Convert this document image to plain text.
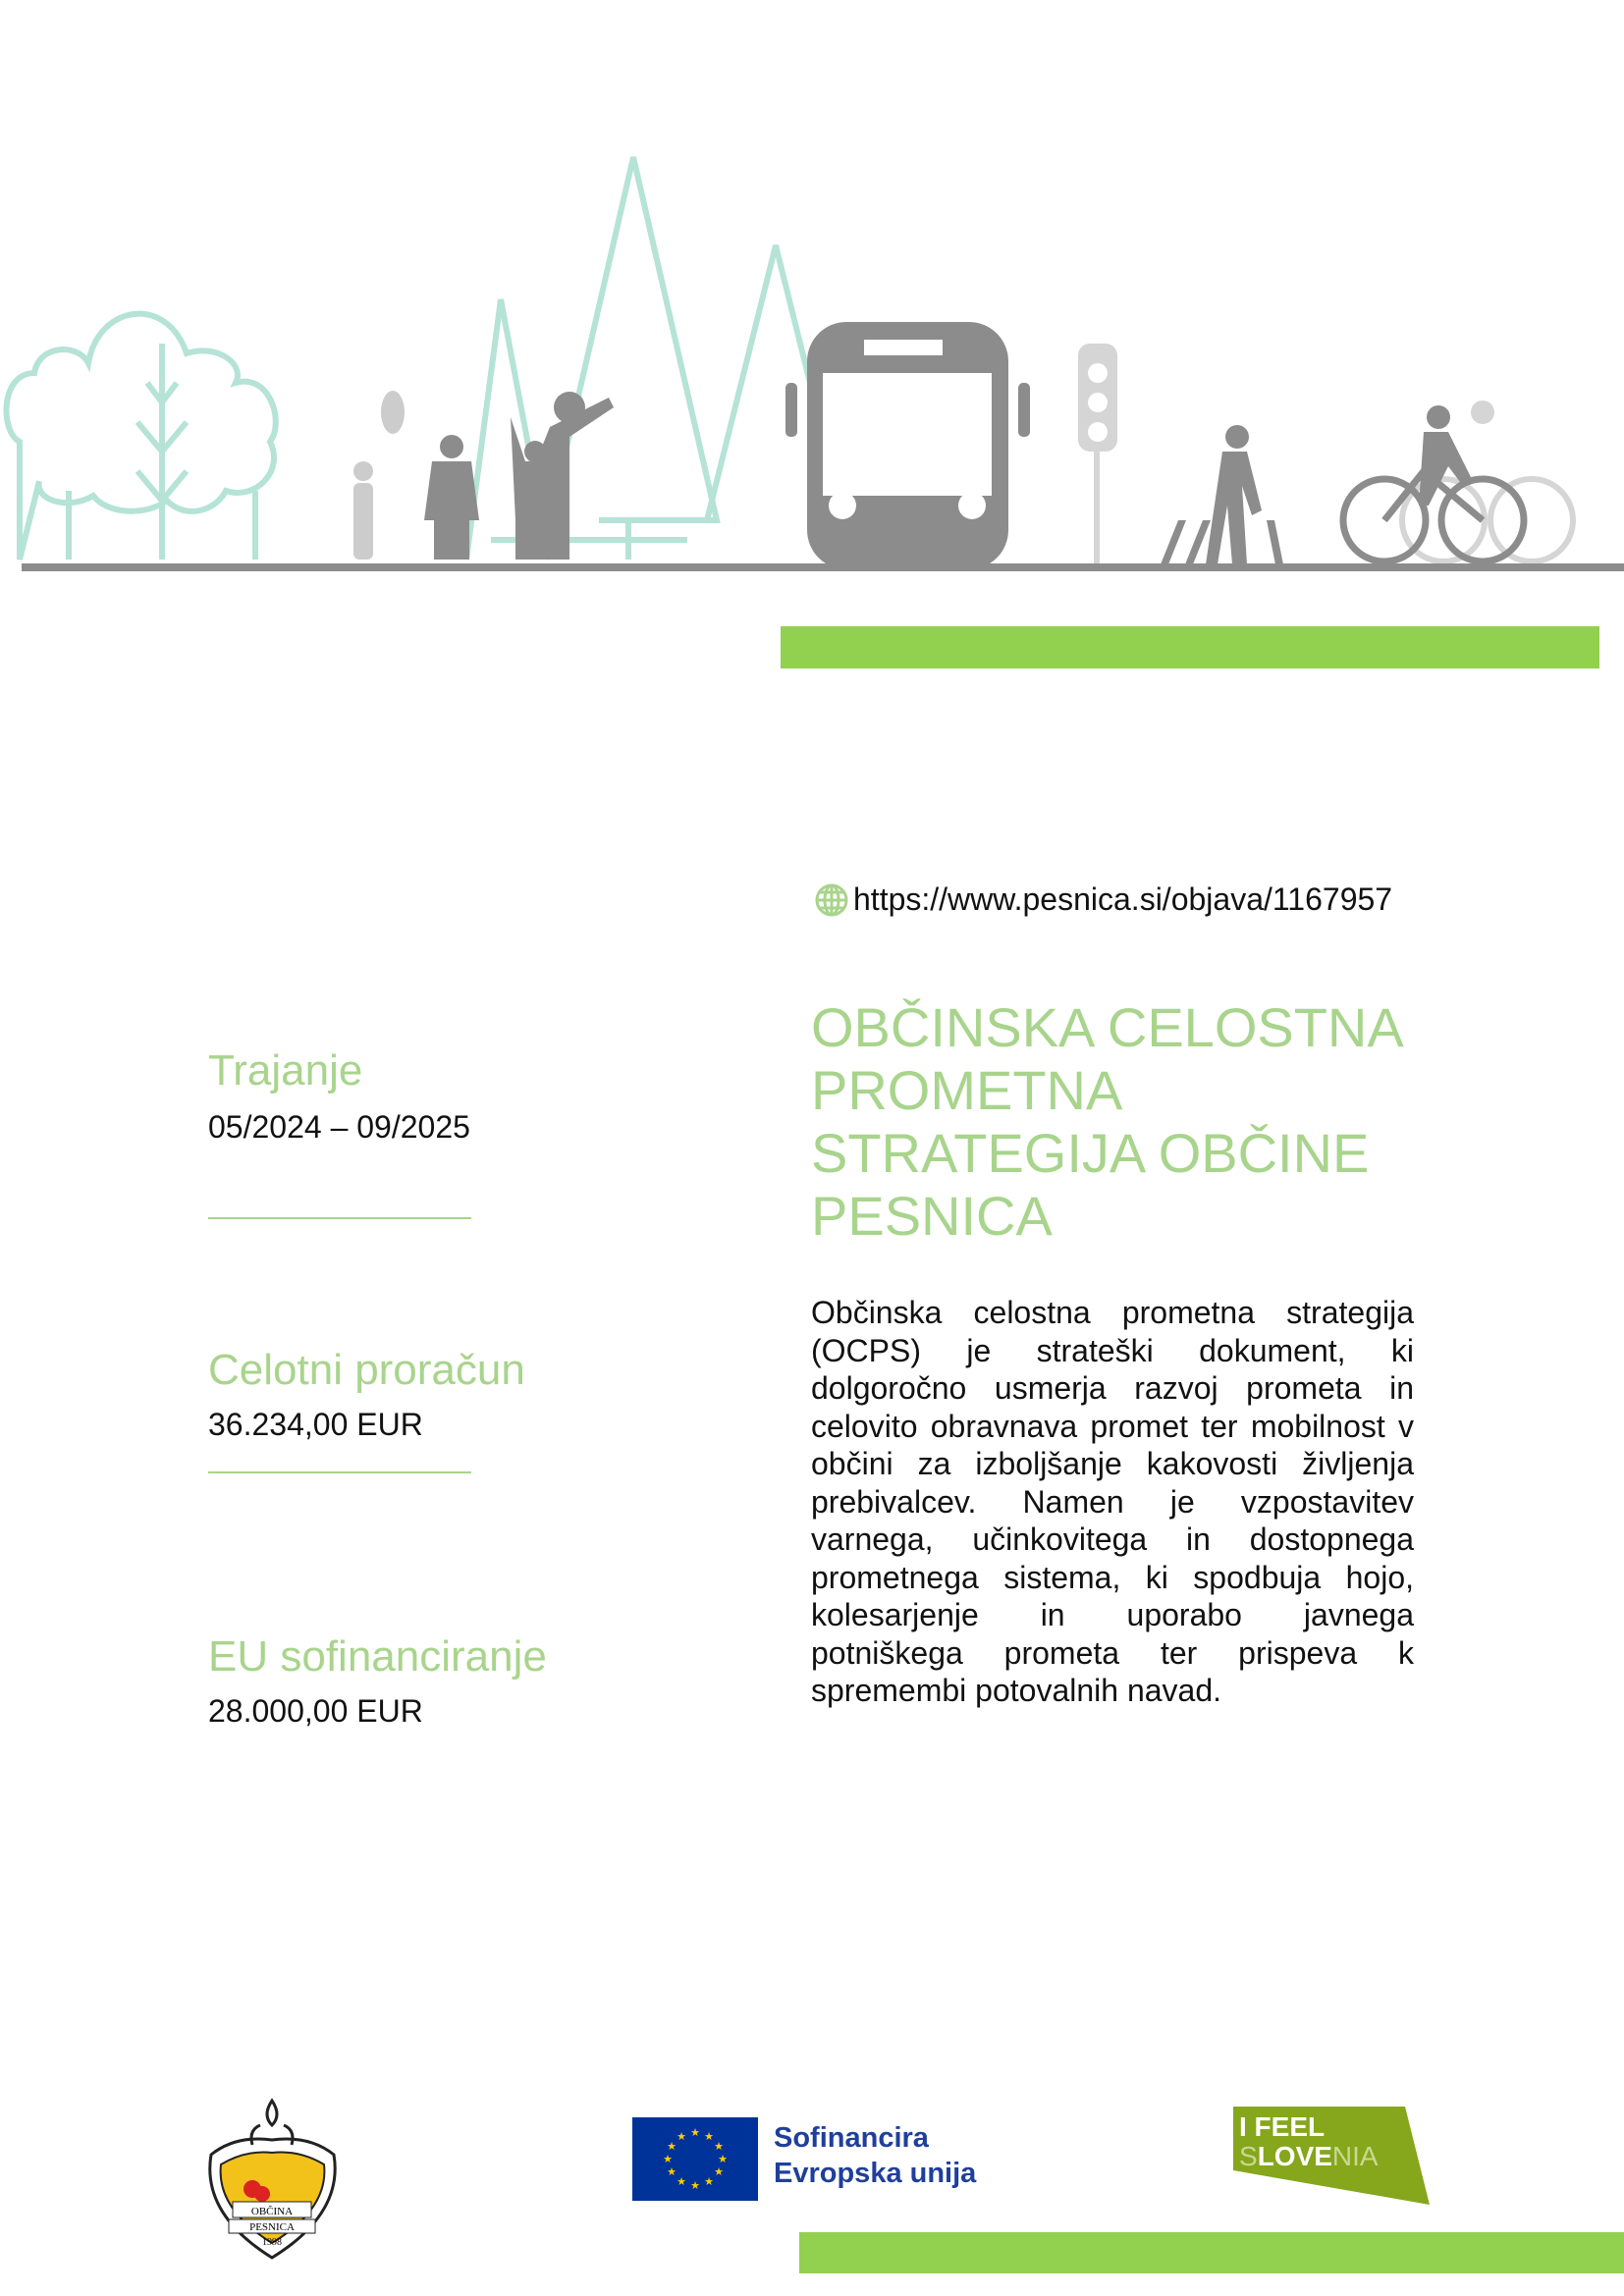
https://www.pesnica.si/objava/1167957
OBČINSKA CELOSTNA
PROMETNA
STRATEGIJA OBČINE
PESNICA
Trajanje
05/2024 – 09/2025
Celotni proračun
36.234,00 EUR
EU sofinanciranje
28.000,00 EUR
Občinska celostna prometna strategija
(OCPS) je strateški dokument, ki
dolgoročno usmerja razvoj prometa in
celovito obravnava promet ter mobilnost v
občini za izboljšanje kakovosti življenja
prebivalcev. Namen je vzpostavitev
varnega, učinkovitega in dostopnega
prometnega sistema, ki spodbuja hojo,
kolesarjenje in uporabo javnega
potniškega prometa ter prispeva k
spremembi potovalnih navad.
OBČINA
PESNICA
1998
★ ★
★
★
★
★
★
★
★
★
★
★	Sofinancira
Evropska unija
I FEEL
SLOVENIA
